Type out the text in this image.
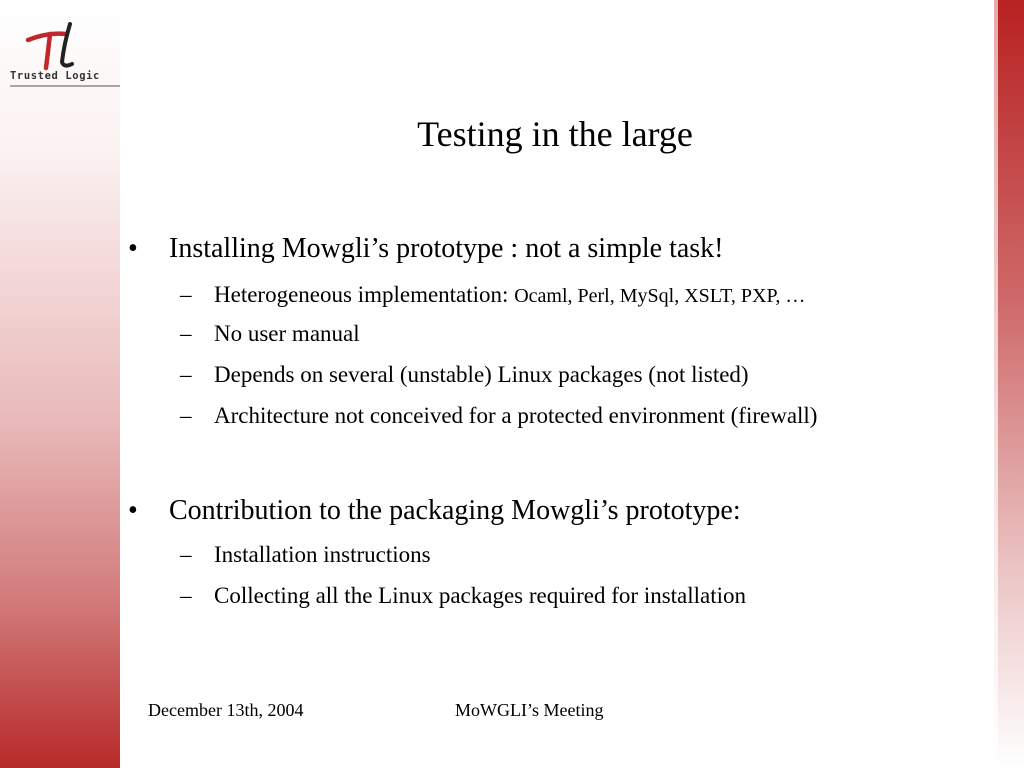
Trusted Logic
Testing in the large
• Installing Mowgli’s prototype : not a simple task!
– Heterogeneous implementation: Ocaml, Perl, MySql, XSLT, PXP, …
– No user manual
– Depends on several (unstable) Linux packages (not listed)
– Architecture not conceived for a protected environment (firewall)
• Contribution to the packaging Mowgli’s prototype:
– Installation instructions
– Collecting all the Linux packages required for installation
December 13th, 2004	MoWGLI’s Meeting
